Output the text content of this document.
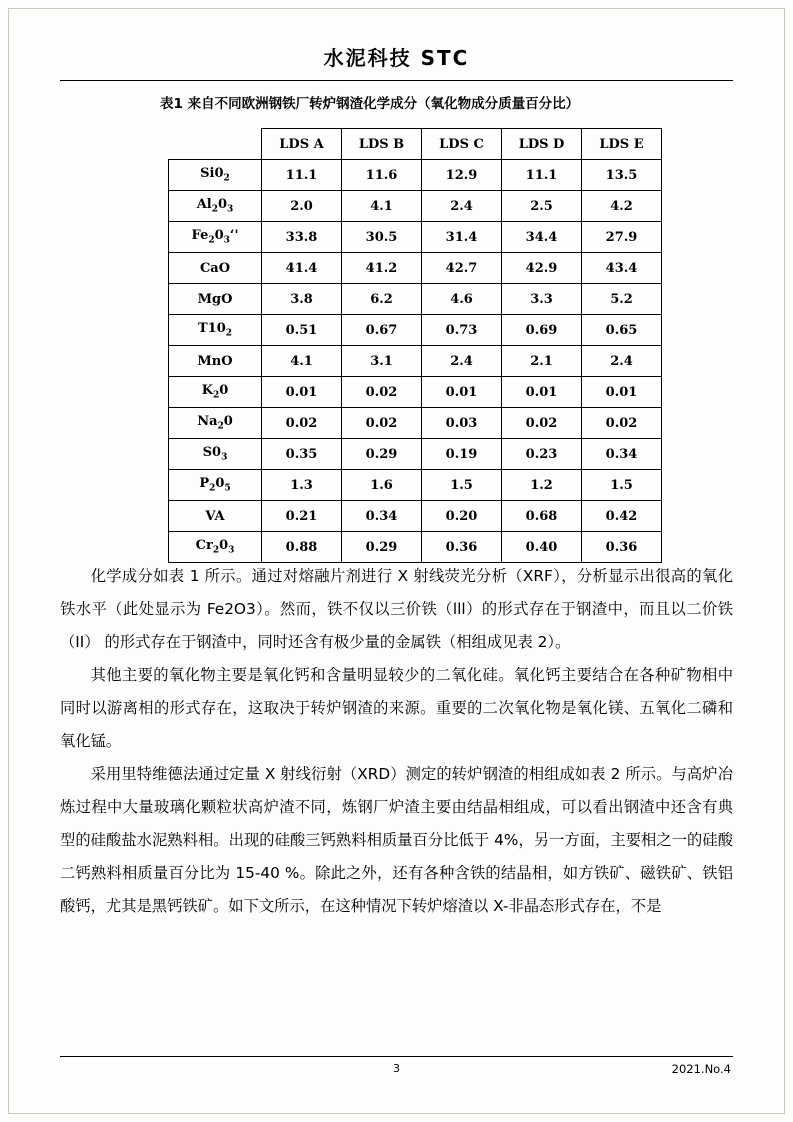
水泥科技 STC
表1 来自不同欧洲钢铁厂转炉钢渣化学成分（氧化物成分质量百分比）
	LDS A	LDS B	LDS C	LDS D	LDS E
$Si0_2$	11.1	11.6	12.9	11.1	13.5
$Al_20_3$	2.0	4.1	2.4	2.5	4.2
$Fe_20_3‘'$	33.8	30.5	31.4	34.4	27.9
CaO	41.4	41.2	42.7	42.9	43.4
MgO	3.8	6.2	4.6	3.3	5.2
$T10_2$	0.51	0.67	0.73	0.69	0.65
MnO	4.1	3.1	2.4	2.1	2.4
$K_20$	0.01	0.02	0.01	0.01	0.01
$Na_20$	0.02	0.02	0.03	0.02	0.02
$S0_3$	0.35	0.29	0.19	0.23	0.34
$P_20_5$	1.3	1.6	1.5	1.2	1.5
VA	0.21	0.34	0.20	0.68	0.42
$Cr_20_3$	0.88	0.29	0.36	0.40	0.36

化学成分如表 1 所示。通过对熔融片剂进行 X 射线荧光分析（XRF），分析显示出很高的氧化铁水平（此处显示为 Fe2O3）。然而，铁不仅以三价铁（lll）的形式存在于钢渣中，而且以二价铁（II） 的形式存在于钢渣中，同时还含有极少量的金属铁（相组成见表 2）。

其他主要的氧化物主要是氧化钙和含量明显较少的二氧化硅。氧化钙主要结合在各种矿物相中同时以游离相的形式存在，这取决于转炉钢渣的来源。重要的二次氧化物是氧化镁、五氧化二磷和氧化锰。

采用里特维德法通过定量 X 射线衍射（XRD）测定的转炉钢渣的相组成如表 2 所示。与高炉冶炼过程中大量玻璃化颗粒状高炉渣不同，炼钢厂炉渣主要由结晶相组成，可以看出钢渣中还含有典型的硅酸盐水泥熟料相。出现的硅酸三钙熟料相质量百分比低于 4%，另一方面，主要相之一的硅酸二钙熟料相质量百分比为 15-40 %。除此之外，还有各种含铁的结晶相，如方铁矿、磁铁矿、铁铝酸钙，尤其是黑钙铁矿。如下文所示，在这种情况下转炉熔渣以 X-非晶态形式存在，不是

3	2021.No.4
